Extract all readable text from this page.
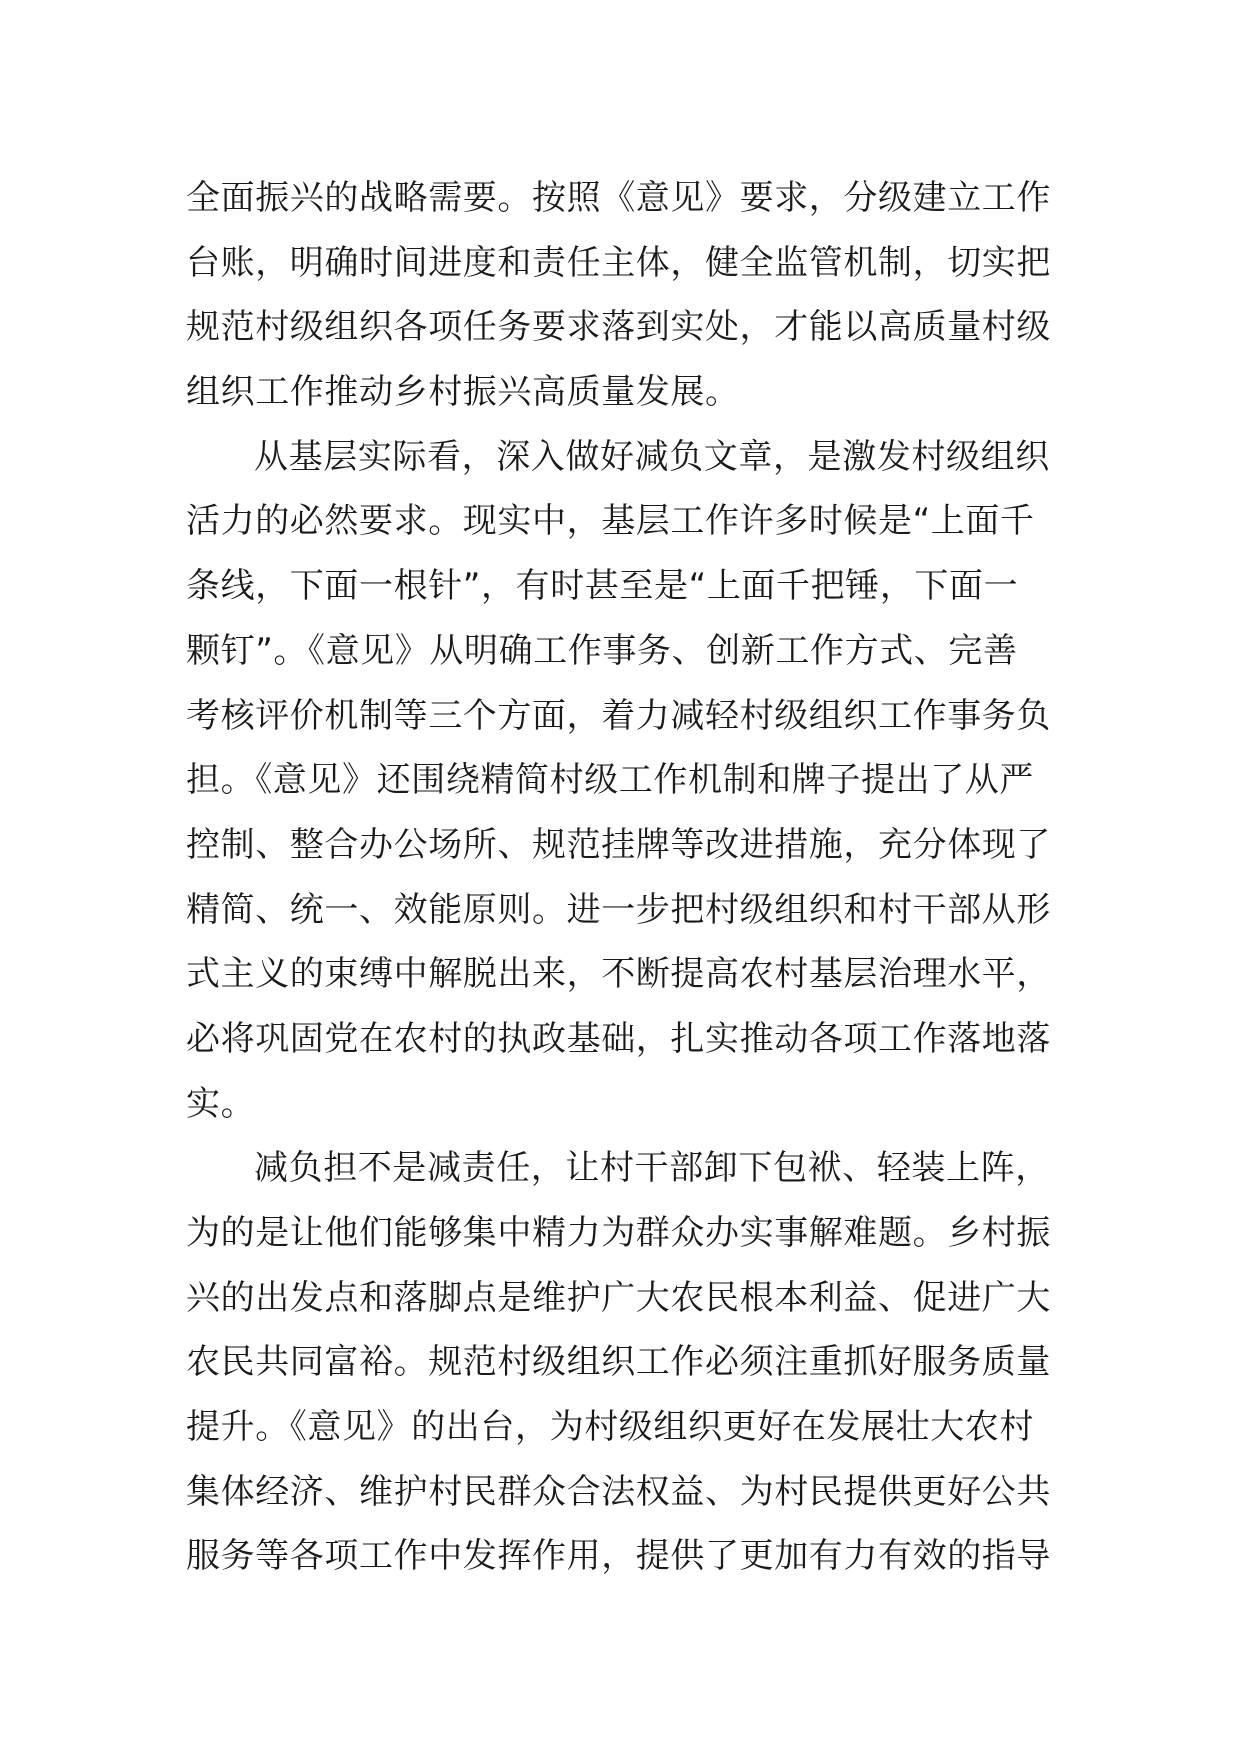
全面振兴的战略需要。按照《意见》要求，分级建立工作
台账，明确时间进度和责任主体，健全监管机制，切实把
规范村级组织各项任务要求落到实处，才能以高质量村级
组织工作推动乡村振兴高质量发展。
从基层实际看，深入做好减负文章，是激发村级组织
活力的必然要求。现实中，基层工作许多时候是“上面千
条线，下面一根针”，有时甚至是“上面千把锤，下面一
颗钉”。《意见》从明确工作事务、创新工作方式、完善
考核评价机制等三个方面，着力减轻村级组织工作事务负
担。《意见》还围绕精简村级工作机制和牌子提出了从严
控制、整合办公场所、规范挂牌等改进措施，充分体现了
精简、统一、效能原则。进一步把村级组织和村干部从形
式主义的束缚中解脱出来，不断提高农村基层治理水平，
必将巩固党在农村的执政基础，扎实推动各项工作落地落
实。
减负担不是减责任，让村干部卸下包袱、轻装上阵，
为的是让他们能够集中精力为群众办实事解难题。乡村振
兴的出发点和落脚点是维护广大农民根本利益、促进广大
农民共同富裕。规范村级组织工作必须注重抓好服务质量
提升。《意见》的出台，为村级组织更好在发展壮大农村
集体经济、维护村民群众合法权益、为村民提供更好公共
服务等各项工作中发挥作用，提供了更加有力有效的指导
